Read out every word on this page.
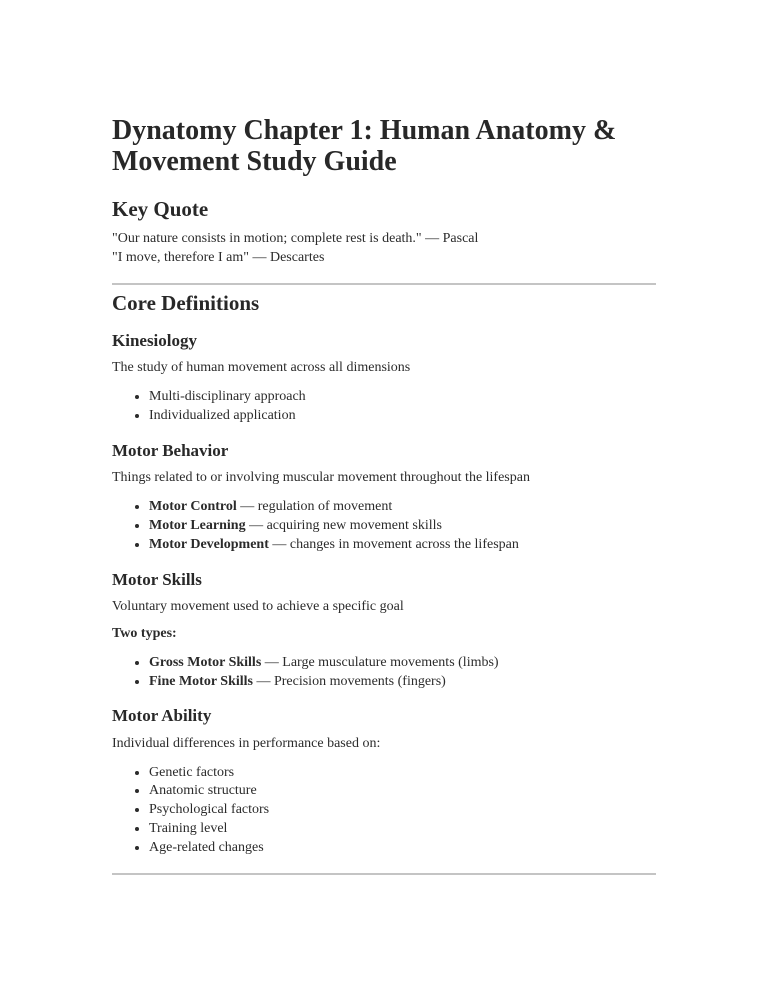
Dynatomy Chapter 1: Human Anatomy & Movement Study Guide
Key Quote

"Our nature consists in motion; complete rest is death." — Pascal
"I move, therefore I am" — Descartes

Core Definitions
Kinesiology

The study of human movement across all dimensions

• Multi-disciplinary approach
• Individualized application
Motor Behavior

Things related to or involving muscular movement throughout the lifespan

• Motor Control — regulation of movement
• Motor Learning — acquiring new movement skills
• Motor Development — changes in movement across the lifespan
Motor Skills

Voluntary movement used to achieve a specific goal

Two types:

• Gross Motor Skills — Large musculature movements (limbs)
• Fine Motor Skills — Precision movements (fingers)
Motor Ability

Individual differences in performance based on:

• Genetic factors
• Anatomic structure
• Psychological factors
• Training level
• Age-related changes
